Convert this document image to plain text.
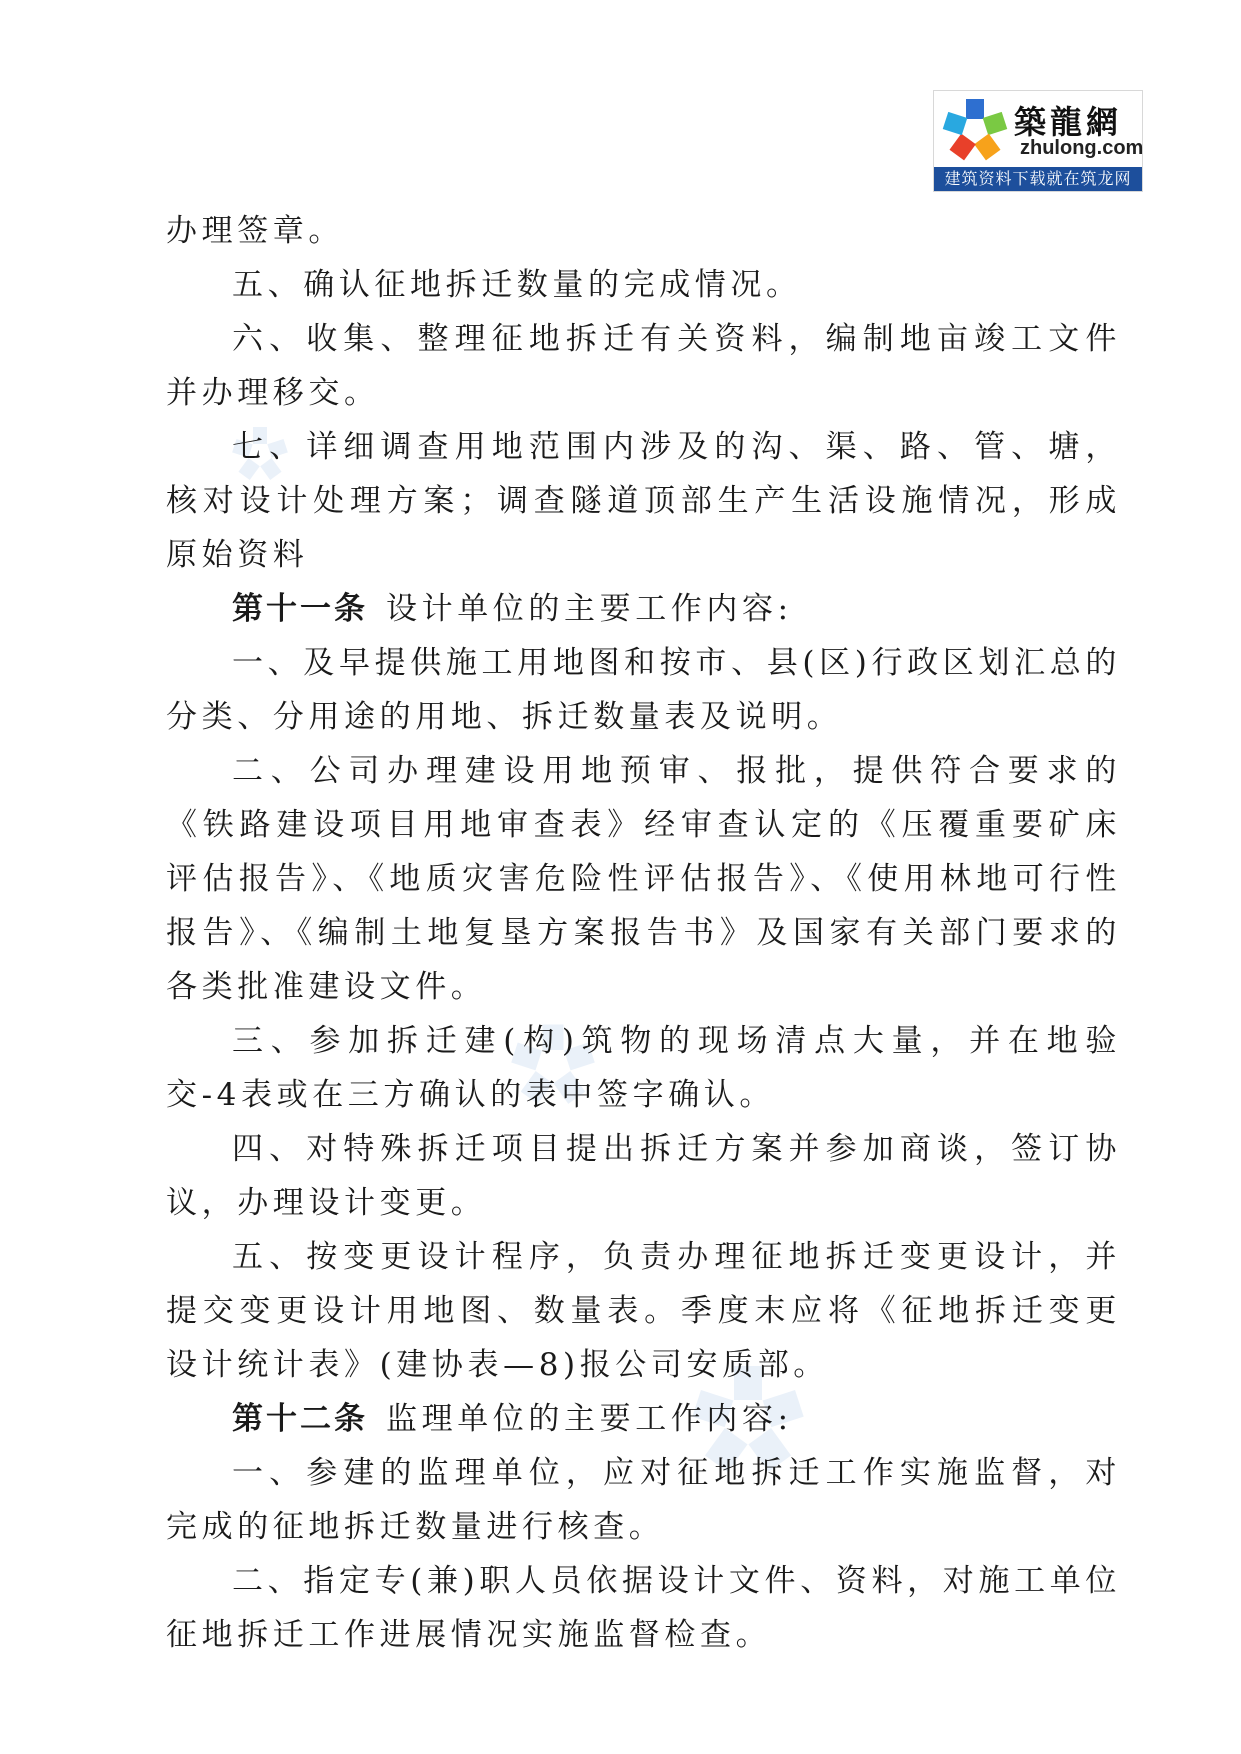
築龍網
zhulong.com
建筑资料下载就在筑龙网

办理签章。

五、确认征地拆迁数量的完成情况。

六、收集、整理征地拆迁有关资料，编制地亩竣工文件并办理移交。

七、详细调查用地范围内涉及的沟、渠、路、管、塘，核对设计处理方案；调查隧道顶部生产生活设施情况，形成原始资料

第十一条 设计单位的主要工作内容:

一、及早提供施工用地图和按市、县(区)行政区划汇总的分类、分用途的用地、拆迁数量表及说明。

二、公司办理建设用地预审、报批，提供符合要求的《铁路建设项目用地审查表》经审查认定的《压覆重要矿床评估报告》、《地质灾害危险性评估报告》、《使用林地可行性报告》、《编制土地复垦方案报告书》及国家有关部门要求的各类批准建设文件。

三、参加拆迁建(构)筑物的现场清点大量，并在地验交-4表或在三方确认的表中签字确认。

四、对特殊拆迁项目提出拆迁方案并参加商谈，签订协议，办理设计变更。

五、按变更设计程序，负责办理征地拆迁变更设计，并提交变更设计用地图、数量表。季度末应将《征地拆迁变更设计统计表》(建协表—8)报公司安质部。

第十二条 监理单位的主要工作内容:

一、参建的监理单位，应对征地拆迁工作实施监督，对完成的征地拆迁数量进行核查。

二、指定专(兼)职人员依据设计文件、资料，对施工单位征地拆迁工作进展情况实施监督检查。
